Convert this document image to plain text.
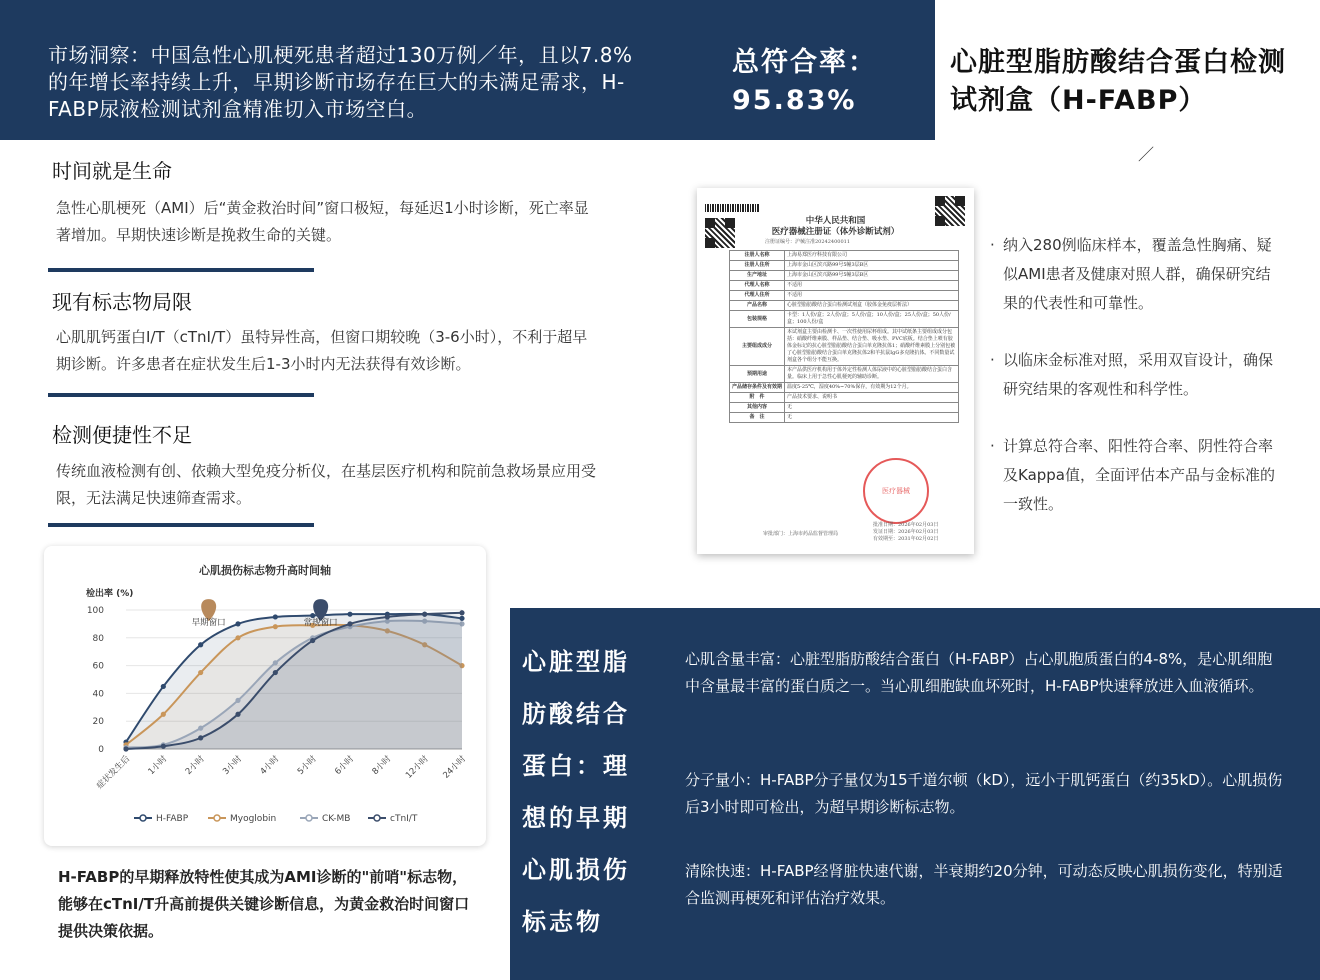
市场洞察：中国急性心肌梗死患者超过130万例／年，且以7.8%的年增长率持续上升，早期诊断市场存在巨大的未满足需求，H-FABP尿液检测试剂盒精准切入市场空白。
总符合率：
95.83%
心脏型脂肪酸结合蛋白检测试剂盒（H-FABP）
／
时间就是生命
急性心肌梗死（AMI）后“黄金救治时间”窗口极短，每延迟1小时诊断，死亡率显著增加。早期快速诊断是挽救生命的关键。
现有标志物局限
心肌肌钙蛋白I/T（cTnI/T）虽特异性高，但窗口期较晚（3-6小时），不利于超早期诊断。许多患者在症状发生后1-3小时内无法获得有效诊断。
检测便捷性不足
传统血液检测有创、依赖大型免疫分析仪，在基层医疗机构和院前急救场景应用受限，无法满足快速筛查需求。
心肌损伤标志物升高时间轴
检出率 (%)
0
20
40
60
80
100
症状发生后 1小时 2小时 3小时 4小时 5小时 6小时 8小时 12小时 24小时
早期窗口	常规窗口
H-FABP	Myoglobin	CK-MB	cTnI/T
H-FABP的早期释放特性使其成为AMI诊断的"前哨"标志物，能够在cTnI/T升高前提供关键诊断信息，为黄金救治时间窗口提供决策依据。
中华人民共和国
医疗器械注册证（体外诊断试剂）
注册证编号：沪械注准20242400011
注册人名称	上海易郑医疗科技有限公司
注册人住所	上海市金山区滨兴路99号5幢3层B区
生产地址	上海市金山区滨兴路99号5幢3层B区
代理人名称	不适用
代理人住所	不适用
产品名称	心脏型脂肪酸结合蛋白检测试剂盒（胶体金免疫层析法）
包装规格	卡型：1人份/盒；2人份/盒；5人份/盒；10人份/盒；25人份/盒；50人份/盒；100人份/盒
主要组成成分	本试剂盒主要由检测卡、一次性使用尿杯组成。其中试纸条主要组成成分包括：硝酸纤维素膜、样品垫、结合垫、吸水垫、PVC底板。结合垫上喷有胶体金标记的抗心脏型脂肪酸结合蛋白单克隆抗体1；硝酸纤维素膜上分别包被了心脏型脂肪酸结合蛋白单克隆抗体2和羊抗鼠IgG多克隆抗体。不同数量试剂盒各个组分不能互换。
预期用途	本产品供医疗机构用于体外定性检测人体尿液中的心脏型脂肪酸结合蛋白含量。临床上用于急性心肌梗死的辅助诊断。
产品储存条件及有效期	温度5-25℃，湿度40%~70%保存，有效期为12个月。
附　件	产品技术要求、说明书
其他内容	无
备　注	无
医疗器械
批准日期：2026年02月03日
发证日期：2026年02月03日
有效期至：2031年02月02日
审批部门：上海市药品监督管理局
· 纳入280例临床样本，覆盖急性胸痛、疑似AMI患者及健康对照人群，确保研究结果的代表性和可靠性。
· 以临床金标准对照，采用双盲设计，确保研究结果的客观性和科学性。
· 计算总符合率、阳性符合率、阴性符合率及Kappa值，全面评估本产品与金标准的一致性。
心脏型脂肪酸结合蛋白：理想的早期心肌损伤标志物
心肌含量丰富：心脏型脂肪酸结合蛋白（H-FABP）占心肌胞质蛋白的4-8%，是心肌细胞中含量最丰富的蛋白质之一。当心肌细胞缺血坏死时，H-FABP快速释放进入血液循环。
分子量小：H-FABP分子量仅为15千道尔顿（kD），远小于肌钙蛋白（约35kD）。心肌损伤后3小时即可检出，为超早期诊断标志物。
清除快速：H-FABP经肾脏快速代谢，半衰期约20分钟，可动态反映心肌损伤变化，特别适合监测再梗死和评估治疗效果。
